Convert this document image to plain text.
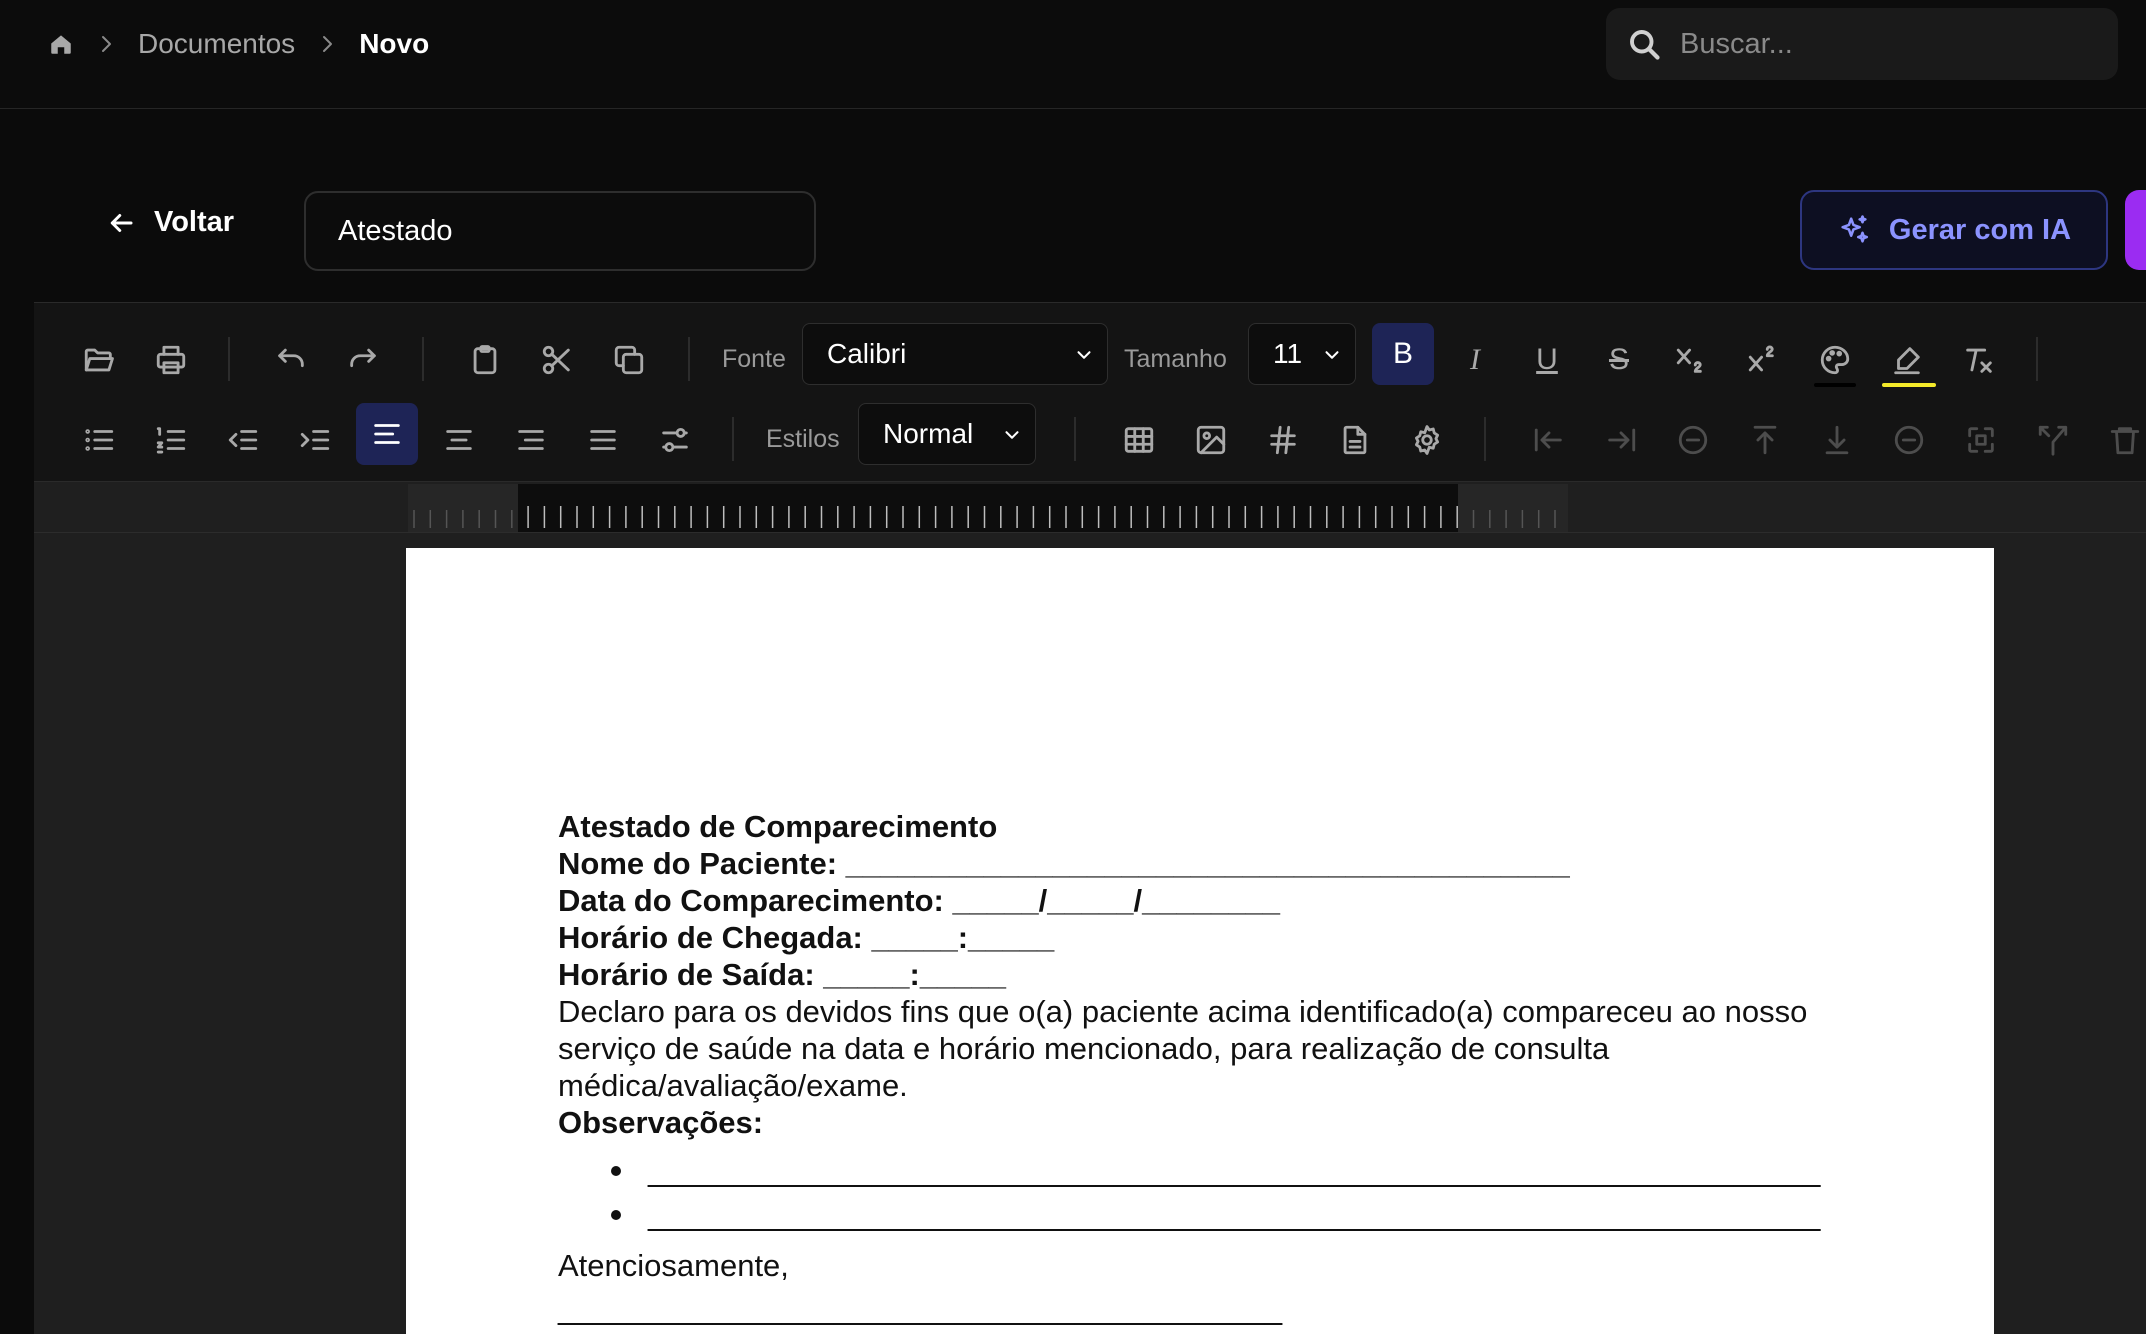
Documentos Novo
Buscar...
Voltar
Atestado	Gerar com IA
Fonte Calibri	Tamanho 11	B I U S
Estilos Normal

Atestado de Comparecimento

Nome do Paciente: __________________________________________

Data do Comparecimento: _____/_____/________

Horário de Chegada: _____:_____

Horário de Saída: _____:_____

Declaro para os devidos fins que o(a) paciente acima identificado(a) compareceu ao nosso serviço de saúde na data e horário mencionado, para realização de consulta médica/avaliação/exame.

Observações:

____________________________________________________________________
____________________________________________________________________

Atenciosamente,

__________________________________________
